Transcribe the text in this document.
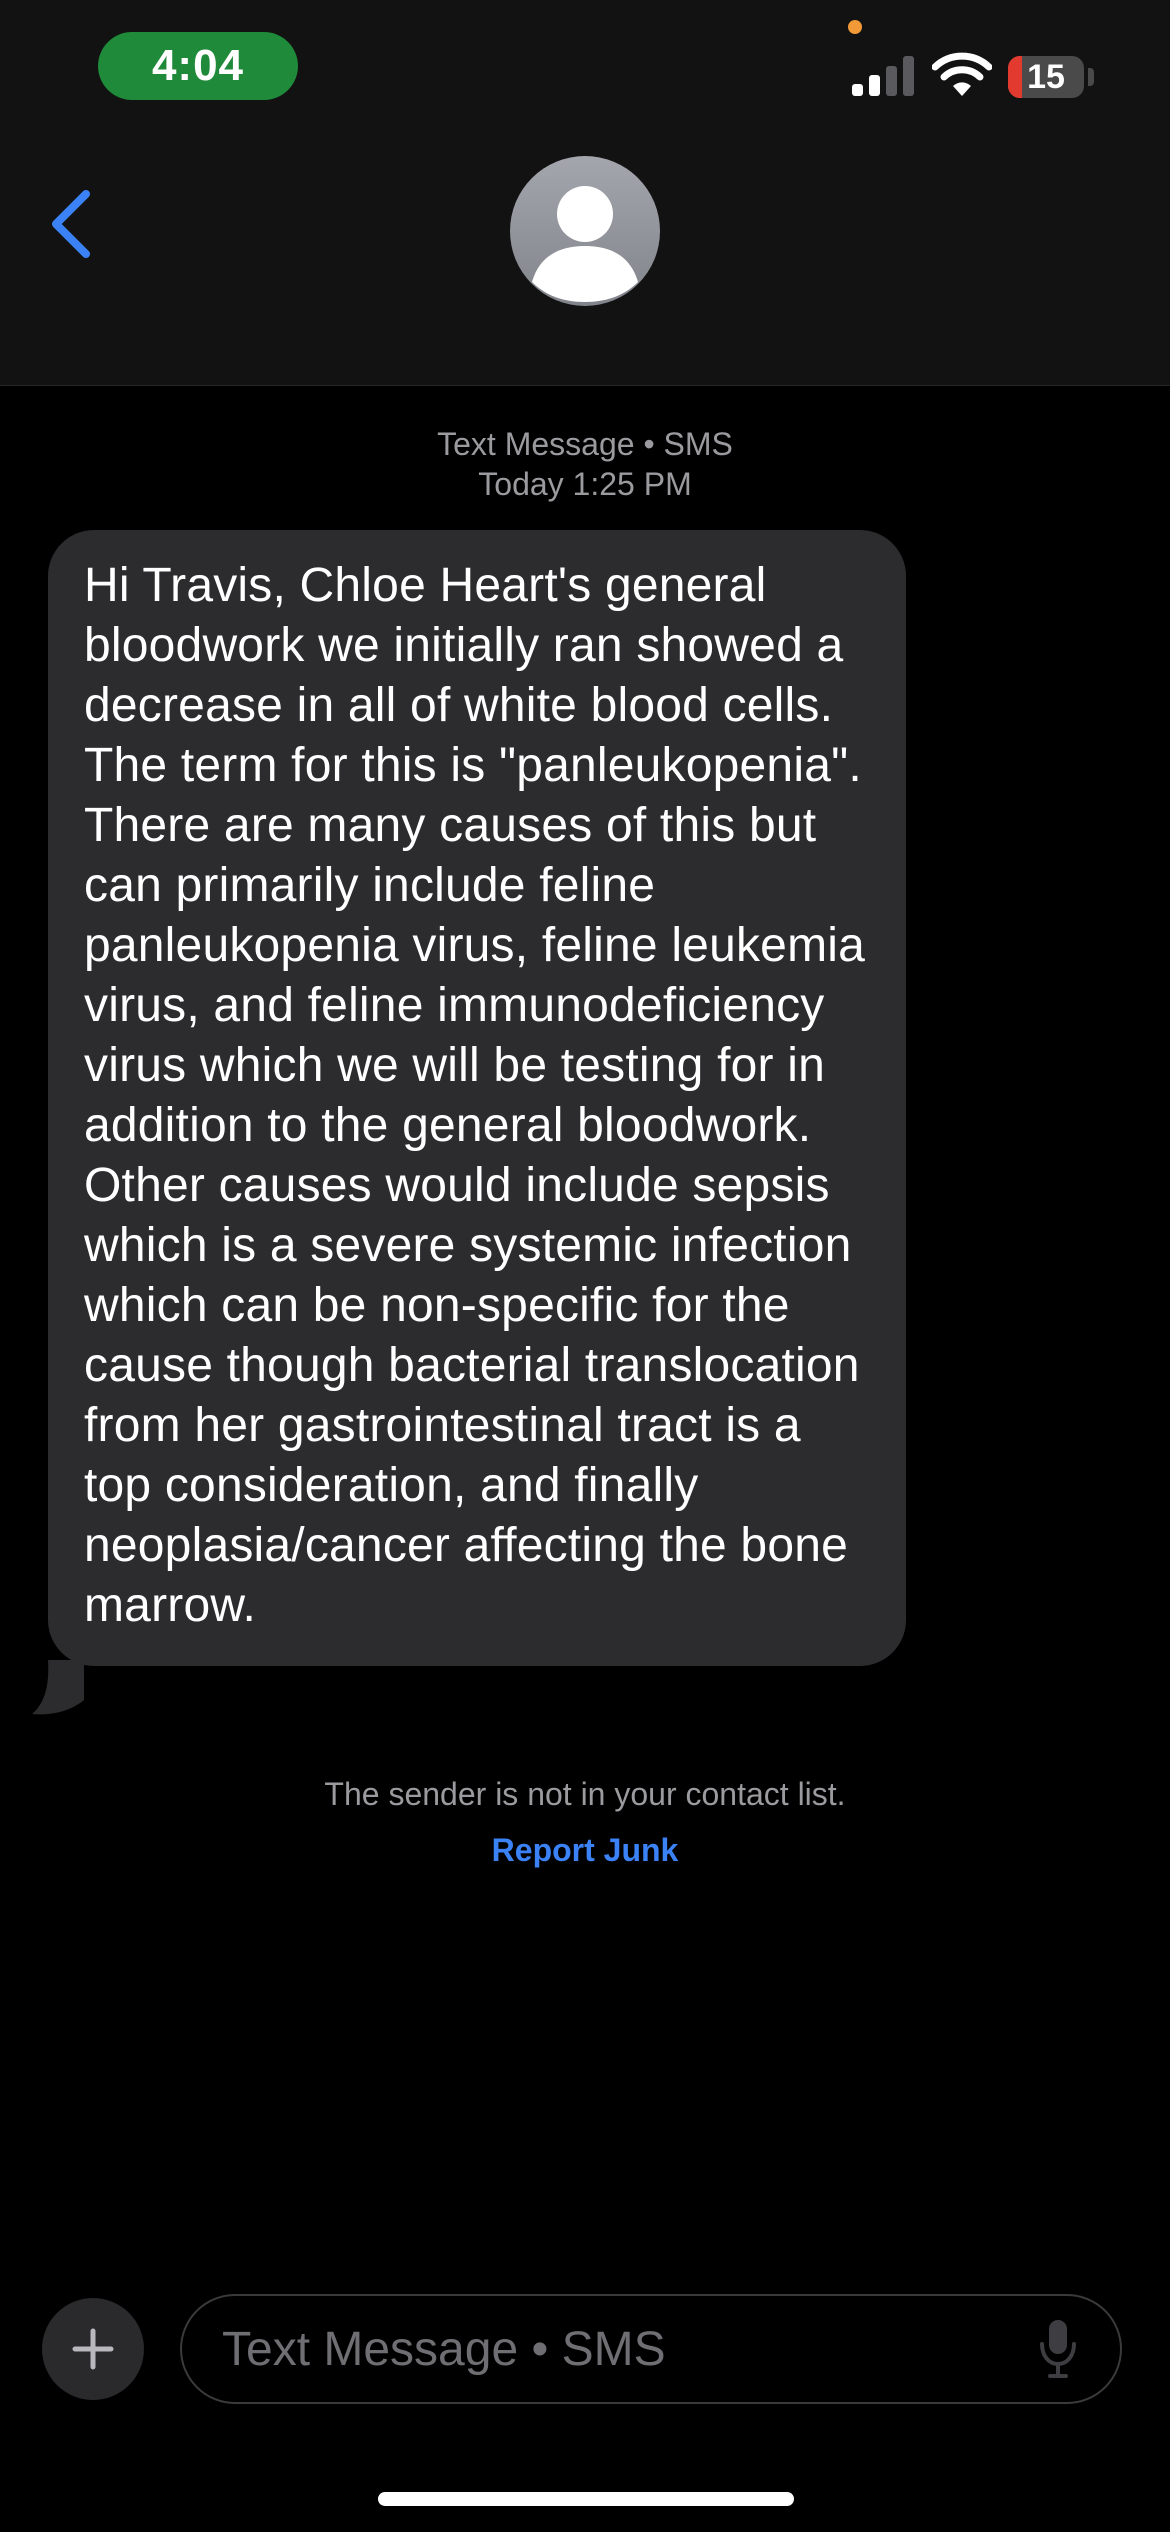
4:04	15
Text Message • SMS
Today 1:25 PM
Hi Travis, Chloe Heart's general bloodwork we initially ran showed a decrease in all of white blood cells. The term for this is "panleukopenia". There are many causes of this but can primarily include feline panleukopenia virus, feline leukemia virus, and feline immunodeficiency virus which we will be testing for in addition to the general bloodwork. Other causes would include sepsis which is a severe systemic infection which can be non-specific for the cause though bacterial translocation from her gastrointestinal tract is a top consideration, and finally neoplasia/cancer affecting the bone marrow.
The sender is not in your contact list.
Report Junk
Text Message • SMS
